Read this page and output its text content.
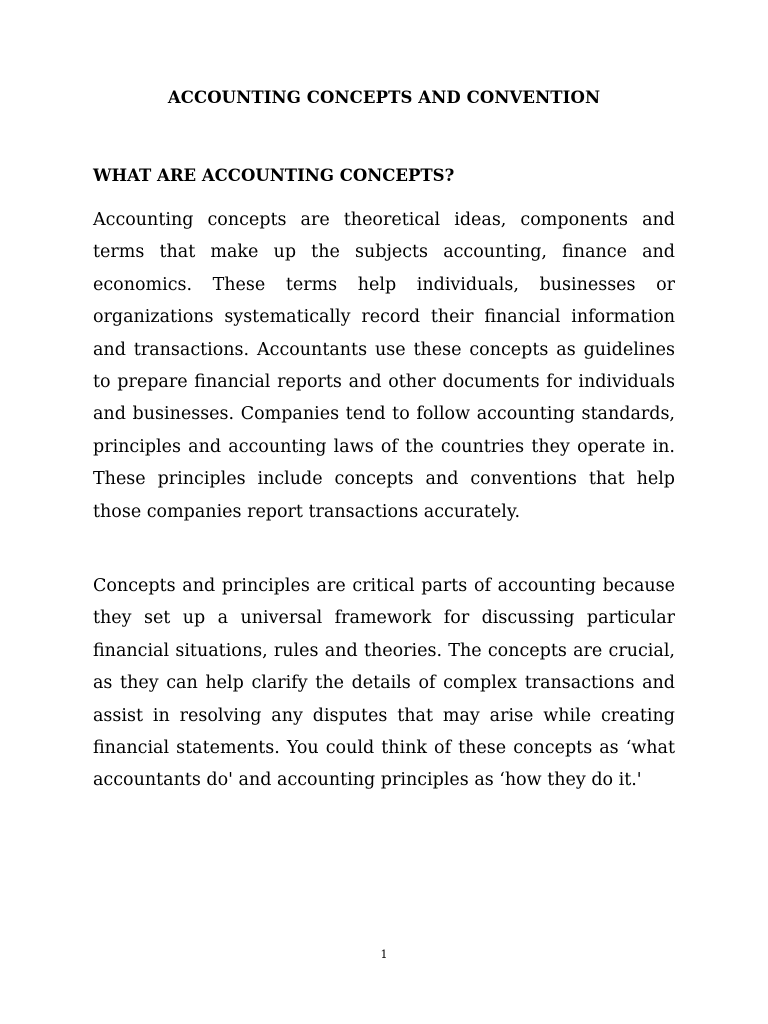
ACCOUNTING CONCEPTS AND CONVENTION
WHAT ARE ACCOUNTING CONCEPTS?

Accounting concepts are theoretical ideas, components and terms that make up the subjects accounting, finance and economics. These terms help individuals, businesses or organizations systematically record their financial information and transactions. Accountants use these concepts as guidelines to prepare financial reports and other documents for individuals and businesses. Companies tend to follow accounting standards, principles and accounting laws of the countries they operate in. These principles include concepts and conventions that help those companies report transactions accurately.

Concepts and principles are critical parts of accounting because they set up a universal framework for discussing particular financial situations, rules and theories. The concepts are crucial, as they can help clarify the details of complex transactions and assist in resolving any disputes that may arise while creating financial statements. You could think of these concepts as ‘what accountants do' and accounting principles as ‘how they do it.'

1
